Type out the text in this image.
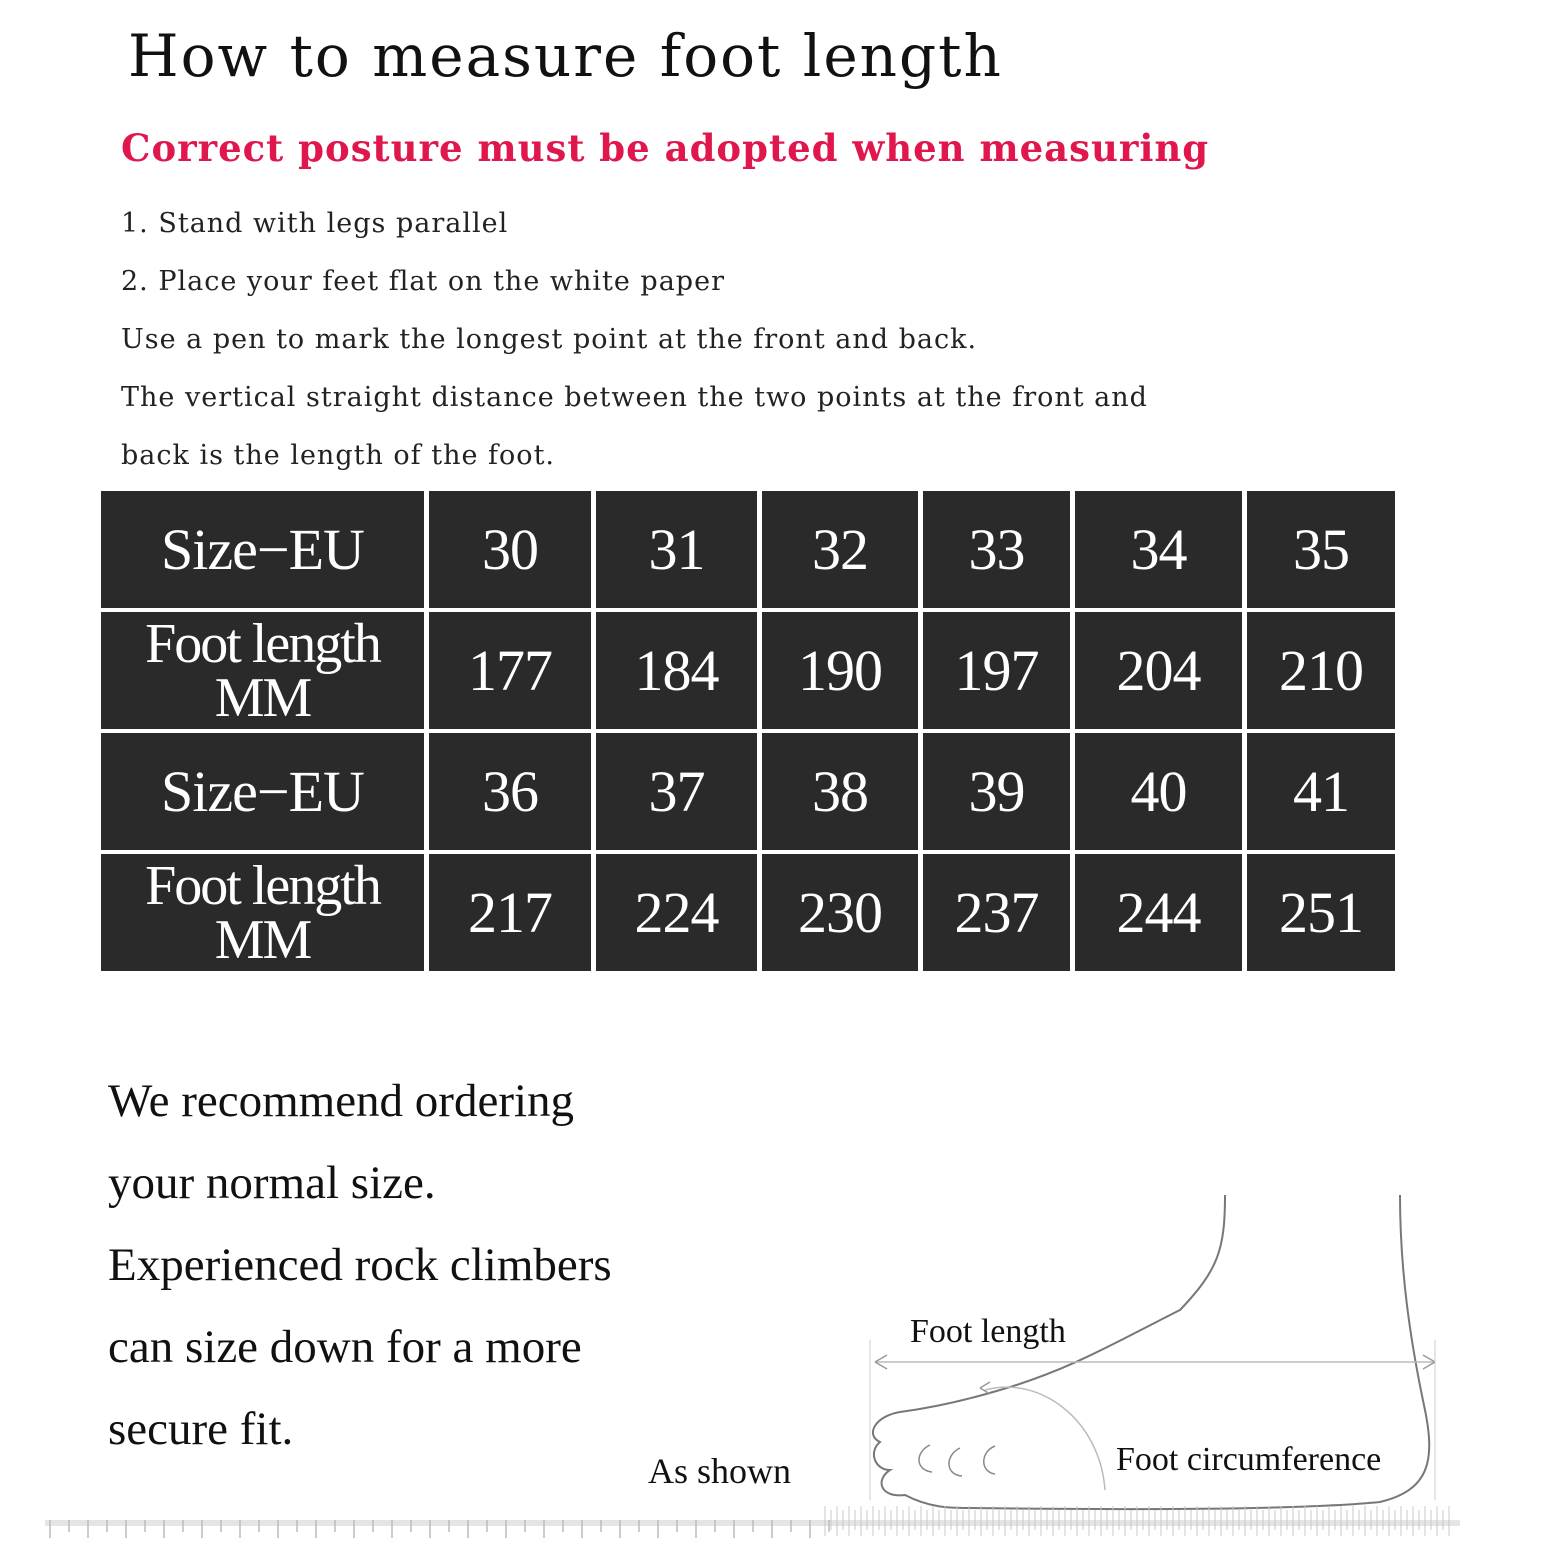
How to measure foot length
Correct posture must be adopted when measuring
1. Stand with legs parallel
2. Place your feet flat on the white paper
Use a pen to mark the longest point at the front and back.
The vertical straight distance between the two points at the front and
back is the length of the foot.
Size−EU	30	31	32	33	34	35

Foot length
MM	177	184	190	197	204	210
Size−EU	36	37	38	39	40	41

Foot length
MM	217	224	230	237	244	251
We recommend ordering
your normal size.
Experienced rock climbers
can size down for a more
secure fit.
As shown
Foot length
Foot circumference
